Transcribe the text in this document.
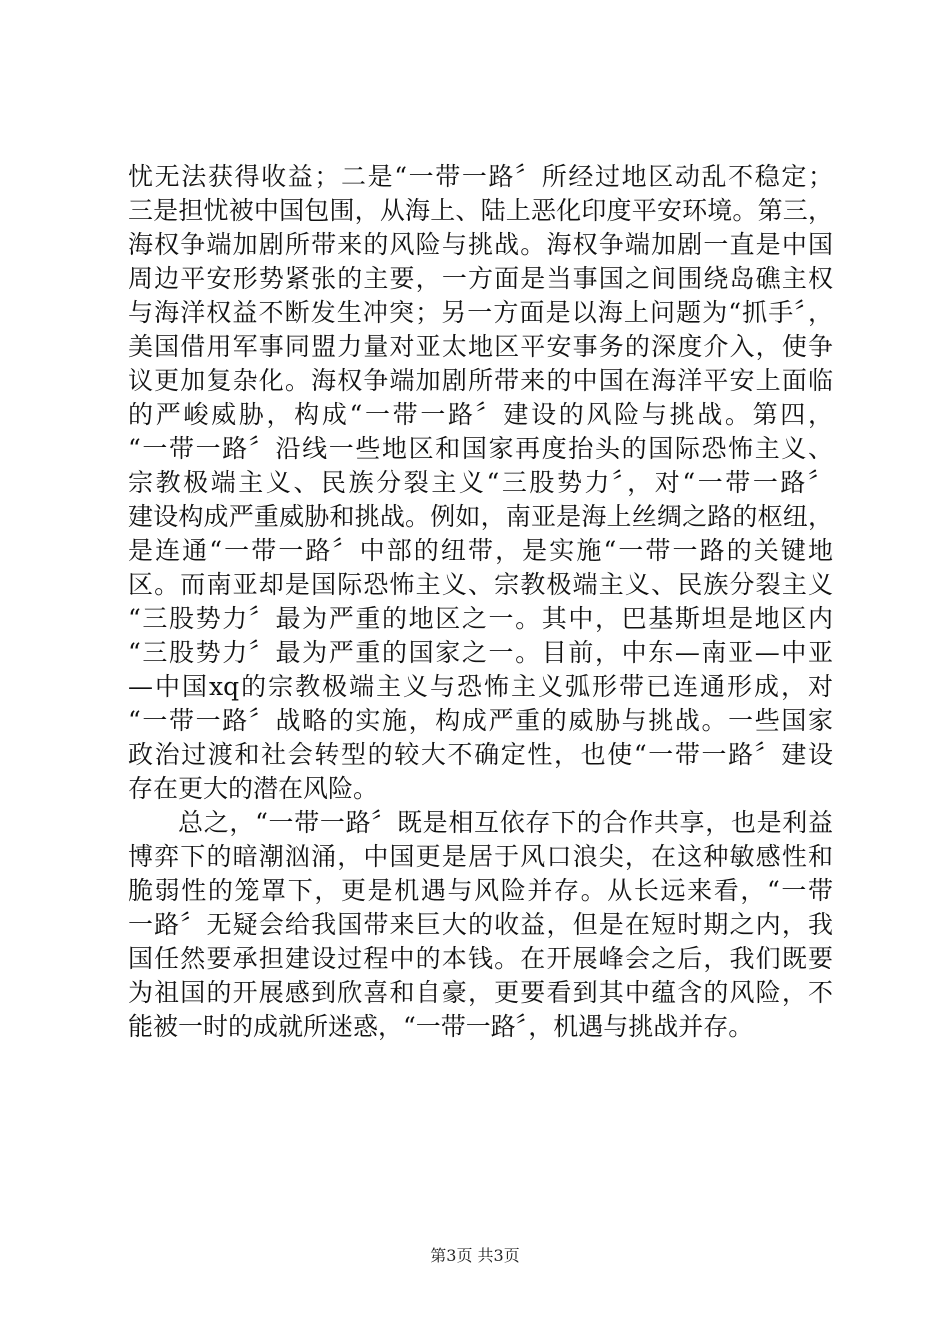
忧无法获得收益；二是“一带一路〞所经过地区动乱不稳定；
三是担忧被中国包围，从海上、陆上恶化印度平安环境。第三，
海权争端加剧所带来的风险与挑战。海权争端加剧一直是中国
周边平安形势紧张的主要，一方面是当事国之间围绕岛礁主权
与海洋权益不断发生冲突；另一方面是以海上问题为“抓手〞，
美国借用军事同盟力量对亚太地区平安事务的深度介入，使争
议更加复杂化。海权争端加剧所带来的中国在海洋平安上面临
的严峻威胁，构成“一带一路〞建设的风险与挑战。第四，
“一带一路〞沿线一些地区和国家再度抬头的国际恐怖主义、
宗教极端主义、民族分裂主义“三股势力〞，对“一带一路〞
建设构成严重威胁和挑战。例如，南亚是海上丝绸之路的枢纽，
是连通“一带一路〞中部的纽带，是实施“一带一路的关键地
区。而南亚却是国际恐怖主义、宗教极端主义、民族分裂主义
“三股势力〞最为严重的地区之一。其中，巴基斯坦是地区内
“三股势力〞最为严重的国家之一。目前，中东—南亚—中亚
—中国xq的宗教极端主义与恐怖主义弧形带已连通形成，对
“一带一路〞战略的实施，构成严重的威胁与挑战。一些国家
政治过渡和社会转型的较大不确定性，也使“一带一路〞建设
存在更大的潜在风险。
总之，“一带一路〞既是相互依存下的合作共享，也是利益
博弈下的暗潮汹涌，中国更是居于风口浪尖，在这种敏感性和
脆弱性的笼罩下，更是机遇与风险并存。从长远来看，“一带
一路〞无疑会给我国带来巨大的收益，但是在短时期之内，我
国任然要承担建设过程中的本钱。在开展峰会之后，我们既要
为祖国的开展感到欣喜和自豪，更要看到其中蕴含的风险，不
能被一时的成就所迷惑，“一带一路〞，机遇与挑战并存。
第3页 共3页
